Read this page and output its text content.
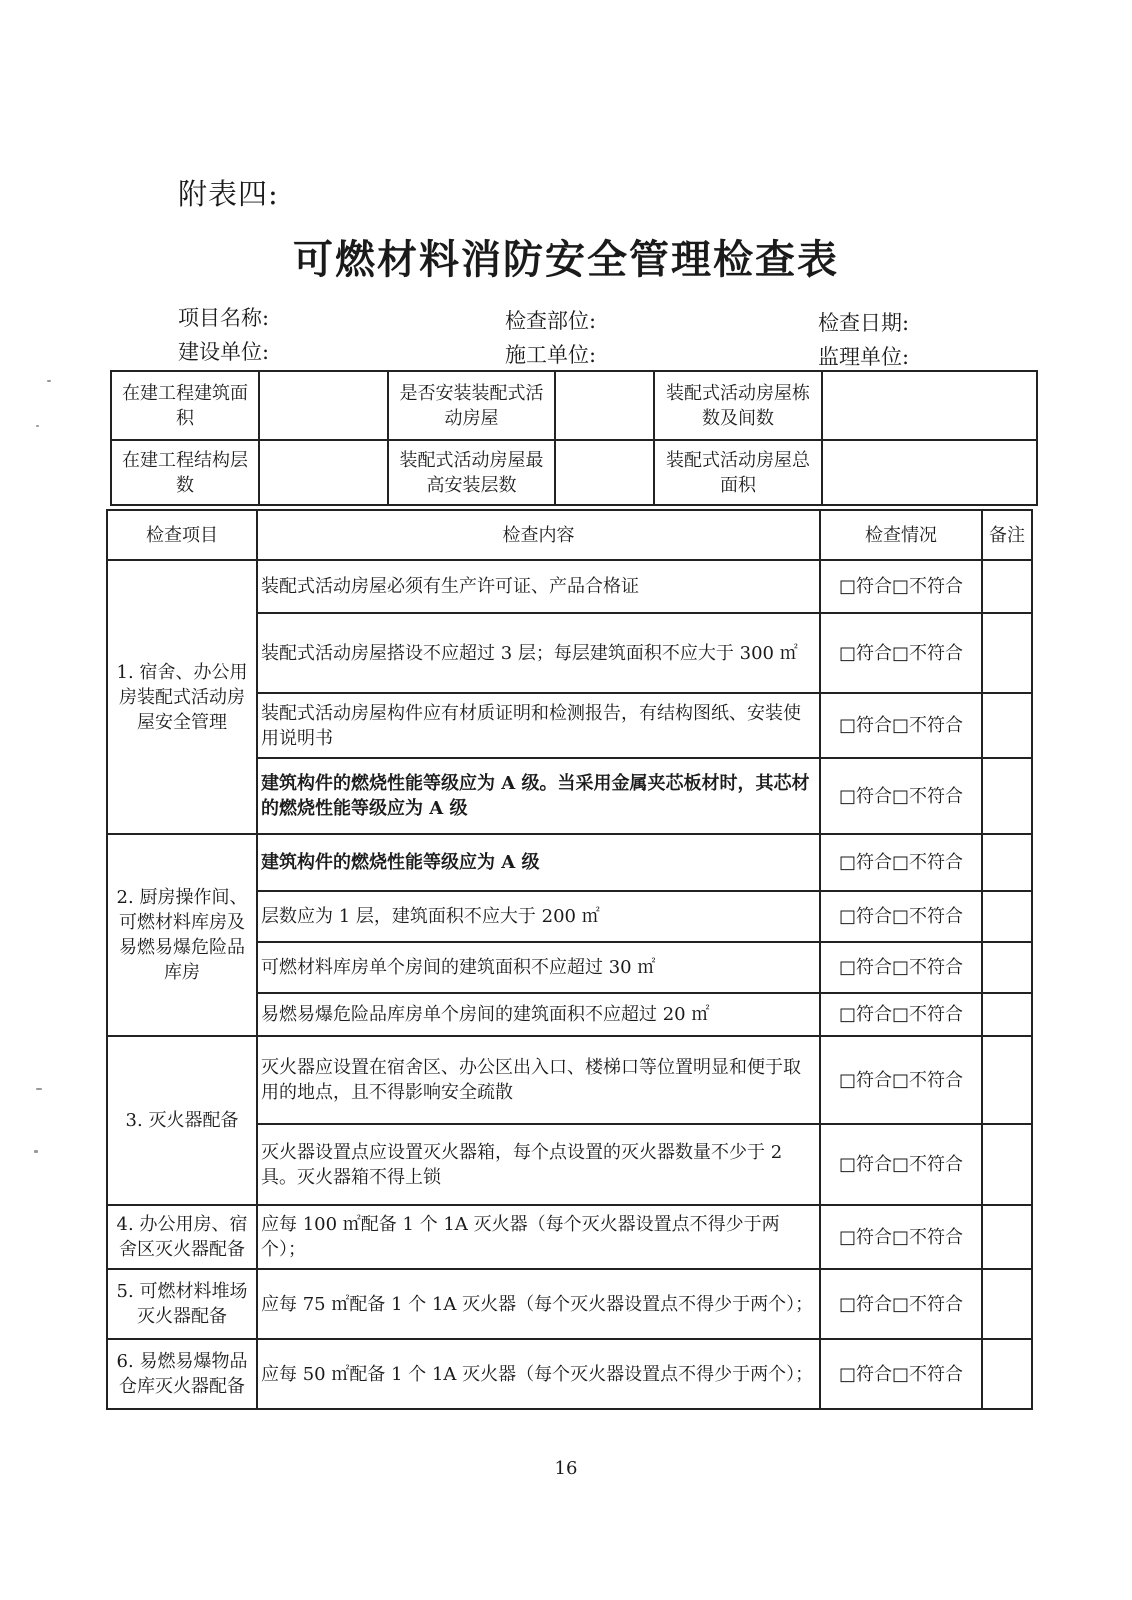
附表四:
可燃材料消防安全管理检查表
项目名称:	检查部位:	检查日期:
建设单位:	施工单位:	监理单位:
在建工程建筑面积		是否安装装配式活动房屋		装配式活动房屋栋数及间数	
在建工程结构层数		装配式活动房屋最高安装层数		装配式活动房屋总面积	
检查项目	检查内容	检查情况	备注
1. 宿舍、办公用房装配式活动房屋安全管理	装配式活动房屋必须有生产许可证、产品合格证	□符合□不符合	
	装配式活动房屋搭设不应超过 3 层；每层建筑面积不应大于 300 ㎡	□符合□不符合	
	装配式活动房屋构件应有材质证明和检测报告，有结构图纸、安装使用说明书	□符合□不符合	
	建筑构件的燃烧性能等级应为 A 级。当采用金属夹芯板材时，其芯材的燃烧性能等级应为 A 级	□符合□不符合	
2. 厨房操作间、可燃材料库房及易燃易爆危险品库房	建筑构件的燃烧性能等级应为 A 级	□符合□不符合	
	层数应为 1 层，建筑面积不应大于 200 ㎡	□符合□不符合	
	可燃材料库房单个房间的建筑面积不应超过 30 ㎡	□符合□不符合	
	易燃易爆危险品库房单个房间的建筑面积不应超过 20 ㎡	□符合□不符合	
3. 灭火器配备	灭火器应设置在宿舍区、办公区出入口、楼梯口等位置明显和便于取用的地点，且不得影响安全疏散	□符合□不符合	
	灭火器设置点应设置灭火器箱，每个点设置的灭火器数量不少于 2 具。灭火器箱不得上锁	□符合□不符合	
4. 办公用房、宿舍区灭火器配备	应每 100 ㎡配备 1 个 1A 灭火器（每个灭火器设置点不得少于两个）；	□符合□不符合	
5. 可燃材料堆场灭火器配备	应每 75 ㎡配备 1 个 1A 灭火器（每个灭火器设置点不得少于两个）；	□符合□不符合	
6. 易燃易爆物品仓库灭火器配备	应每 50 ㎡配备 1 个 1A 灭火器（每个灭火器设置点不得少于两个）；	□符合□不符合	
16
